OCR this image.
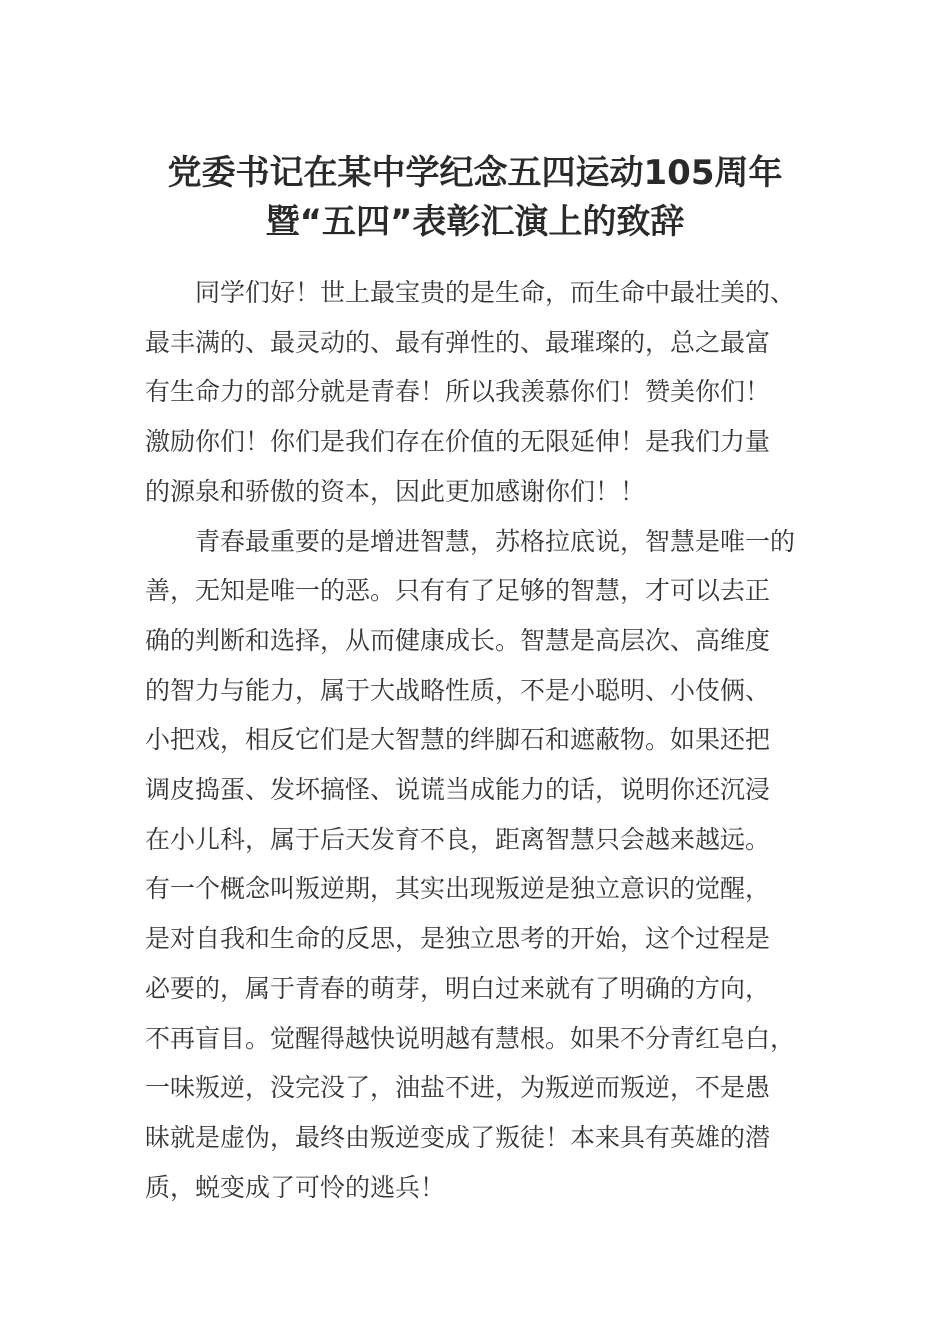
党委书记在某中学纪念五四运动105周年
暨“五四”表彰汇演上的致辞
　　同学们好！世上最宝贵的是生命，而生命中最壮美的、
最丰满的、最灵动的、最有弹性的、最璀璨的，总之最富
有生命力的部分就是青春！所以我羡慕你们！赞美你们！
激励你们！你们是我们存在价值的无限延伸！是我们力量
的源泉和骄傲的资本，因此更加感谢你们！！
　　青春最重要的是增进智慧，苏格拉底说，智慧是唯一的
善，无知是唯一的恶。只有有了足够的智慧，才可以去正
确的判断和选择，从而健康成长。智慧是高层次、高维度
的智力与能力，属于大战略性质，不是小聪明、小伎俩、
小把戏，相反它们是大智慧的绊脚石和遮蔽物。如果还把
调皮捣蛋、发坏搞怪、说谎当成能力的话，说明你还沉浸
在小儿科，属于后天发育不良，距离智慧只会越来越远。
有一个概念叫叛逆期，其实出现叛逆是独立意识的觉醒，
是对自我和生命的反思，是独立思考的开始，这个过程是
必要的，属于青春的萌芽，明白过来就有了明确的方向，
不再盲目。觉醒得越快说明越有慧根。如果不分青红皂白，
一味叛逆，没完没了，油盐不进，为叛逆而叛逆，不是愚
昧就是虚伪，最终由叛逆变成了叛徒！本来具有英雄的潜
质，蜕变成了可怜的逃兵！
